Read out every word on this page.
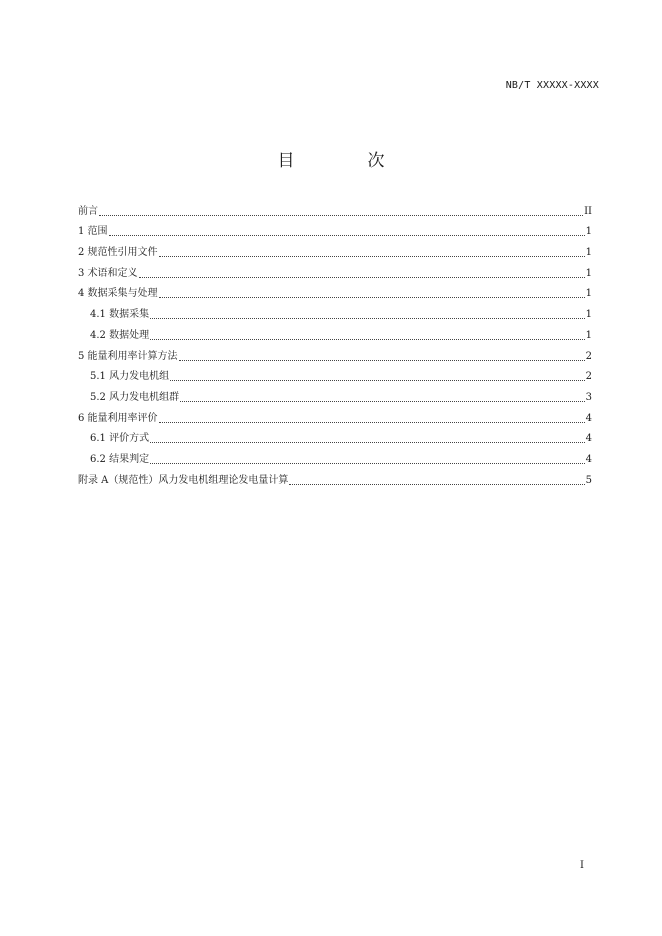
NB/T XXXXX-XXXX
目　次
前言	II
1 范围	1
2 规范性引用文件	1
3 术语和定义	1
4 数据采集与处理	1
4.1 数据采集	1
4.2 数据处理	1
5 能量利用率计算方法	2
5.1 风力发电机组	2
5.2 风力发电机组群	3
6 能量利用率评价	4
6.1 评价方式	4
6.2 结果判定	4
附录 A（规范性）风力发电机组理论发电量计算	5
I
